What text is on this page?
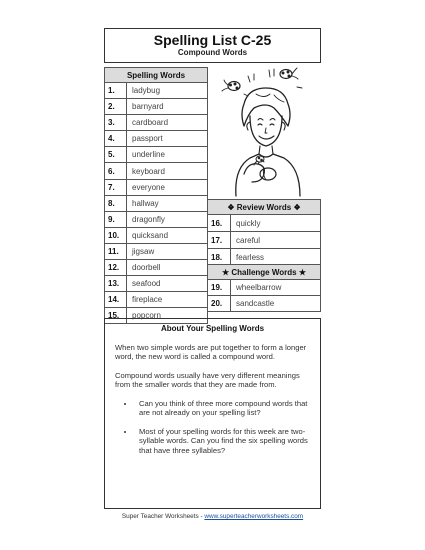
Spelling List C-25
Compound Words
Spelling Words	
1.	ladybug
2.	barnyard
3.	cardboard
4.	passport
5.	underline
6.	keyboard
7.	everyone
8.	hallway
9.	dragonfly
10.	quicksand
11.	jigsaw
12.	doorbell
13.	seafood
14.	fireplace
15.	popcorn
❖ Review Words ❖	
16.	quickly
17.	careful
18.	fearless
★ Challenge Words ★	
19.	wheelbarrow
20.	sandcastle
About Your Spelling Words

When two simple words are put together to form a longer word, the new word is called a compound word.

Compound words usually have very different meanings from the smaller words that they are made from.

• Can you think of three more compound words that are not already on your spelling list?
• Most of your spelling words for this week are two-syllable words. Can you find the six spelling words that have three syllables?
Super Teacher Worksheets - www.superteacherworksheets.com
